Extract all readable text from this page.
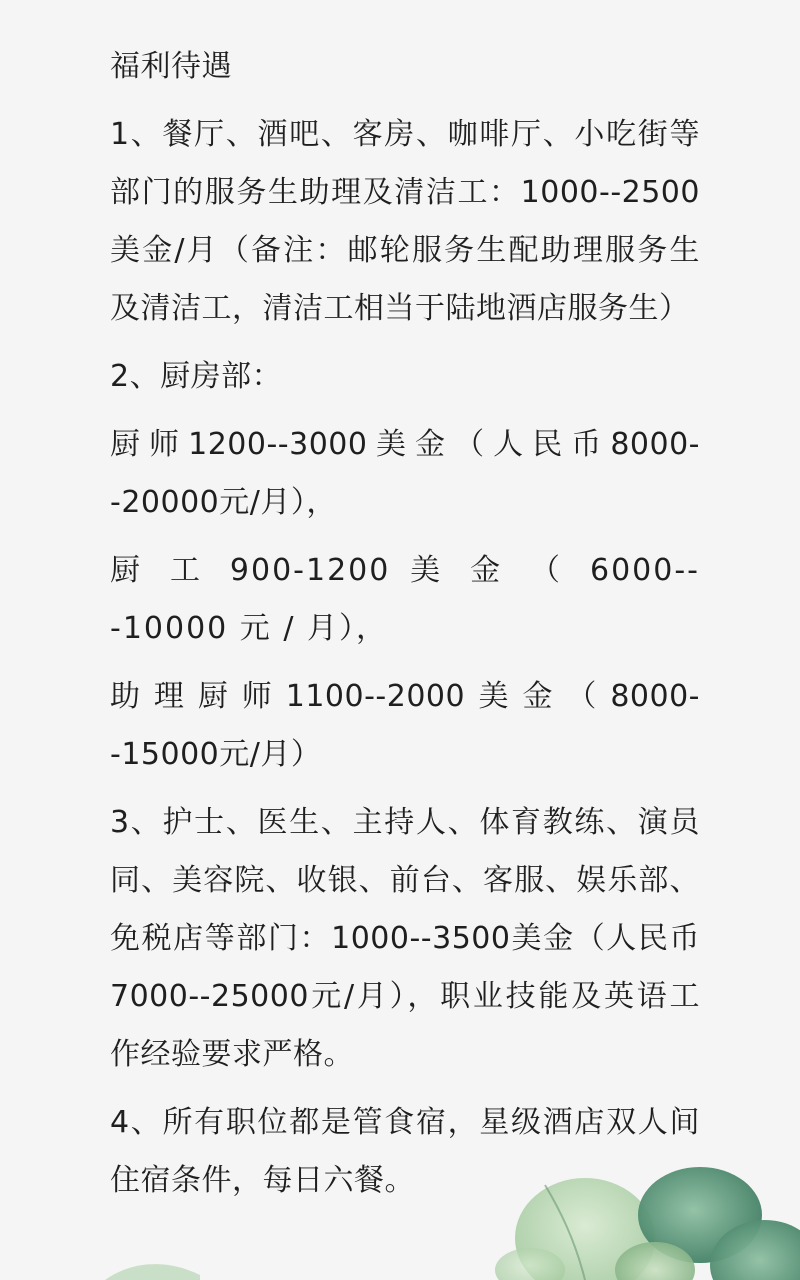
福利待遇

1、餐厅、酒吧、客房、咖啡厅、小吃街等部门的服务生助理及清洁工：1000--2500美金/月（备注：邮轮服务生配助理服务生及清洁工，清洁工相当于陆地酒店服务生）

2、厨房部：

厨师1200--3000美金（人民币8000--20000元/月），

厨 工 900-1200 美 金 （ 6000---10000 元 / 月），

助理厨师1100--2000美金（8000--15000元/月）

3、护士、医生、主持人、体育教练、演员同、美容院、收银、前台、客服、娱乐部、免税店等部门：1000--3500美金（人民币7000--25000元/月），职业技能及英语工作经验要求严格。

4、所有职位都是管食宿，星级酒店双人间住宿条件，每日六餐。
